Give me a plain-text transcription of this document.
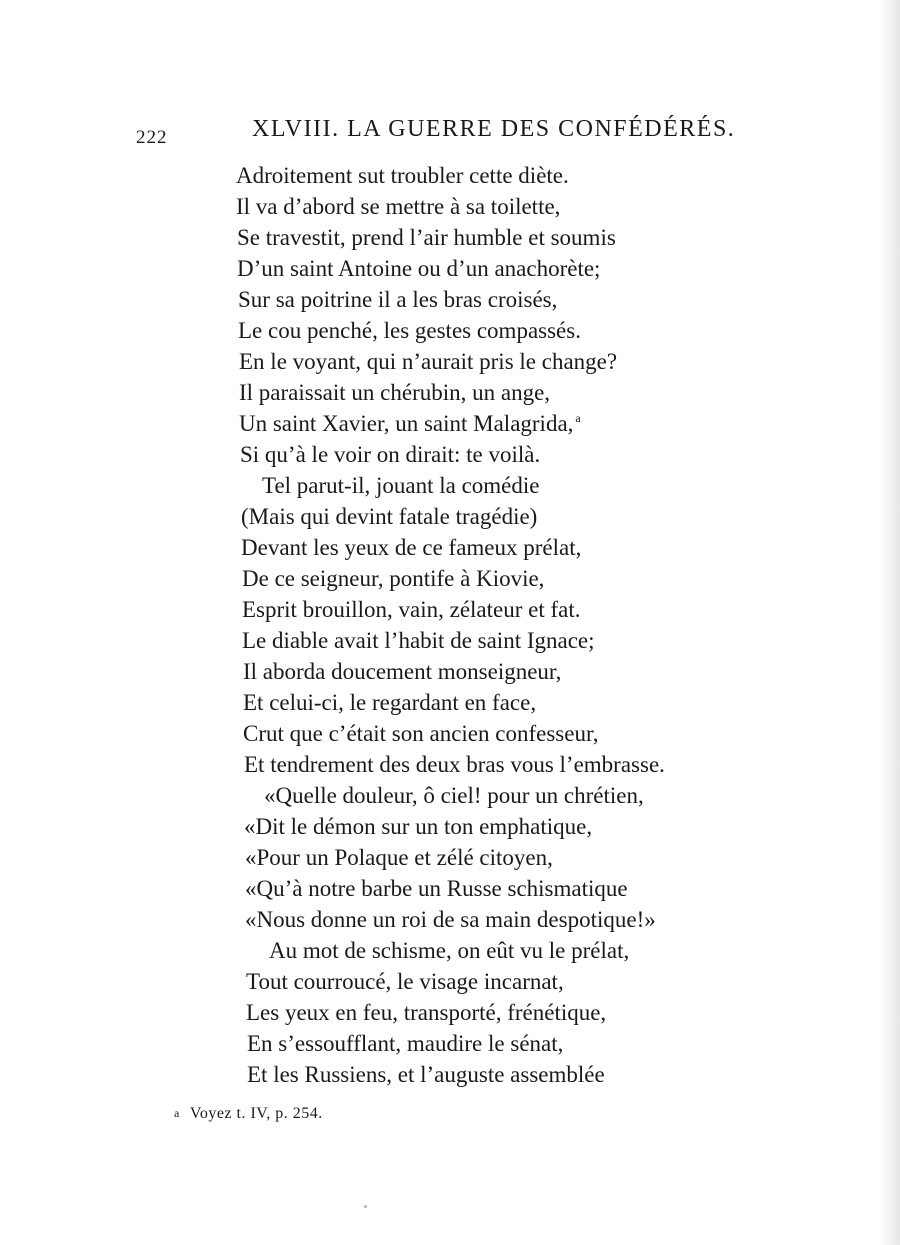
222	XLVIII. LA GUERRE DES CONFÉDÉRÉS.
Adroitement sut troubler cette diète.
Il va d’abord se mettre à sa toilette,
Se travestit, prend l’air humble et soumis
D’un saint Antoine ou d’un anachorète;
Sur sa poitrine il a les bras croisés,
Le cou penché, les gestes compassés.
En le voyant, qui n’aurait pris le change?
Il paraissait un chérubin, un ange,
Un saint Xavier, un saint Malagrida, $^a$
Si qu’à le voir on dirait: te voilà.
Tel parut-il, jouant la comédie
(Mais qui devint fatale tragédie)
Devant les yeux de ce fameux prélat,
De ce seigneur, pontife à Kiovie,
Esprit brouillon, vain, zélateur et fat.
Le diable avait l’habit de saint Ignace;
Il aborda doucement monseigneur,
Et celui-ci, le regardant en face,
Crut que c’était son ancien confesseur,
Et tendrement des deux bras vous l’embrasse.
«Quelle douleur, ô ciel! pour un chrétien,
«Dit le démon sur un ton emphatique,
«Pour un Polaque et zélé citoyen,
«Qu’à notre barbe un Russe schismatique
«Nous donne un roi de sa main despotique!»
Au mot de schisme, on eût vu le prélat,
Tout courroucé, le visage incarnat,
Les yeux en feu, transporté, frénétique,
En s’essoufflant, maudire le sénat,
Et les Russiens, et l’auguste assemblée
a Voyez t. IV, p. 254.
